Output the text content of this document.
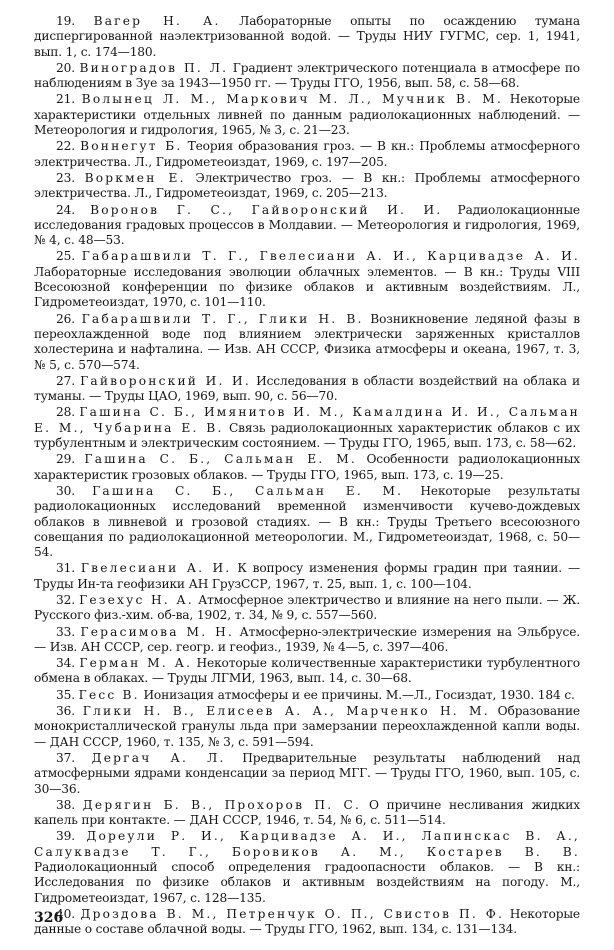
19. Вагер Н. А. Лабораторные опыты по осаждению тумана диспергированной наэлектризованной водой. — Труды НИУ ГУГМС, сер. 1, 1941, вып. 1, с. 174—180.

20. Виноградов П. Л. Градиент электрического потенциала в атмосфере по наблюдениям в Зуе за 1943—1950 гг. — Труды ГГО, 1956, вып. 58, с. 58—68.

21. Волынец Л. М., Маркович М. Л., Мучник В. М. Некоторые характеристики отдельных ливней по данным радиолокационных наблюдений. — Метеорология и гидрология, 1965, № 3, с. 21—23.

22. Воннегут Б. Теория образования гроз. — В кн.: Проблемы атмосферного электричества. Л., Гидрометеоиздат, 1969, с. 197—205.

23. Воркмен Е. Электричество гроз. — В кн.: Проблемы атмосферного электричества. Л., Гидрометеоиздат, 1969, с. 205—213.

24. Воронов Г. С., Гайворонский И. И. Радиолокационные исследования градовых процессов в Молдавии. — Метеорология и гидрология, 1969, № 4, с. 48—53.

25. Габарашвили Т. Г., Гвелесиани А. И., Карцивадзе А. И. Лабораторные исследования эволюции облачных элементов. — В кн.: Труды VIII Всесоюзной конференции по физике облаков и активным воздействиям. Л., Гидрометеоиздат, 1970, с. 101—110.

26. Габарашвили Т. Г., Глики Н. В. Возникновение ледяной фазы в переохлажденной воде под влиянием электрически заряженных кристаллов холестерина и нафталина. — Изв. АН СССР, Физика атмосферы и океана, 1967, т. 3, № 5, с. 570—574.

27. Гайворонский И. И. Исследования в области воздействий на облака и туманы. — Труды ЦАО, 1969, вып. 90, с. 56—70.

28. Гашина С. Б., Имянитов И. М., Камалдина И. И., Сальман Е. М., Чубарина Е. В. Связь радиолокационных характеристик облаков с их турбулентным и электрическим состоянием. — Труды ГГО, 1965, вып. 173, с. 58—62.

29. Гашина С. Б., Сальман Е. М. Особенности радиолокационных характеристик грозовых облаков. — Труды ГГО, 1965, вып. 173, с. 19—25.

30. Гашина С. Б., Сальман Е. М. Некоторые результаты радиолокационных исследований временной изменчивости кучево-дождевых облаков в ливневой и грозовой стадиях. — В кн.: Труды Третьего всесоюзного совещания по радиолокационной метеорологии. М., Гидрометеоиздат, 1968, с. 50—54.

31. Гвелесиани А. И. К вопросу изменения формы градин при таянии. — Труды Ин-та геофизики АН ГрузССР, 1967, т. 25, вып. 1, с. 100—104.

32. Гезехус Н. А. Атмосферное электричество и влияние на него пыли. — Ж. Русского физ.-хим. об-ва, 1902, т. 34, № 9, с. 557—560.

33. Герасимова М. Н. Атмосферно-электрические измерения на Эльбрусе. — Изв. АН СССР, сер. геогр. и геофиз., 1939, № 4—5, с. 397—406.

34. Герман М. А. Некоторые количественные характеристики турбулентного обмена в облаках. — Труды ЛГМИ, 1963, вып. 14, с. 30—68.

35. Гесс В. Ионизация атмосферы и ее причины. М.—Л., Госиздат, 1930. 184 с.

36. Глики Н. В., Елисеев А. А., Марченко Н. М. Образование монокристаллической гранулы льда при замерзании переохлажденной капли воды. — ДАН СССР, 1960, т. 135, № 3, с. 591—594.

37. Дергач А. Л. Предварительные результаты наблюдений над атмосферными ядрами конденсации за период МГГ. — Труды ГГО, 1960, вып. 105, с. 30—36.

38. Дерягин Б. В., Прохоров П. С. О причине несливания жидких капель при контакте. — ДАН СССР, 1946, т. 54, № 6, с. 511—514.

39. Дореули Р. И., Карцивадзе А. И., Лапинскас В. А., Салуквадзе Т. Г., Боровиков А. М., Костарев В. В. Радиолокационный способ определения градоопасности облаков. — В кн.: Исследования по физике облаков и активным воздействиям на погоду. М., Гидрометеоиздат, 1967, с. 128—135.

40. Дроздова В. М., Петренчук О. П., Свистов П. Ф. Некоторые данные о составе облачной воды. — Труды ГГО, 1962, вып. 134, с. 131—134.

326
